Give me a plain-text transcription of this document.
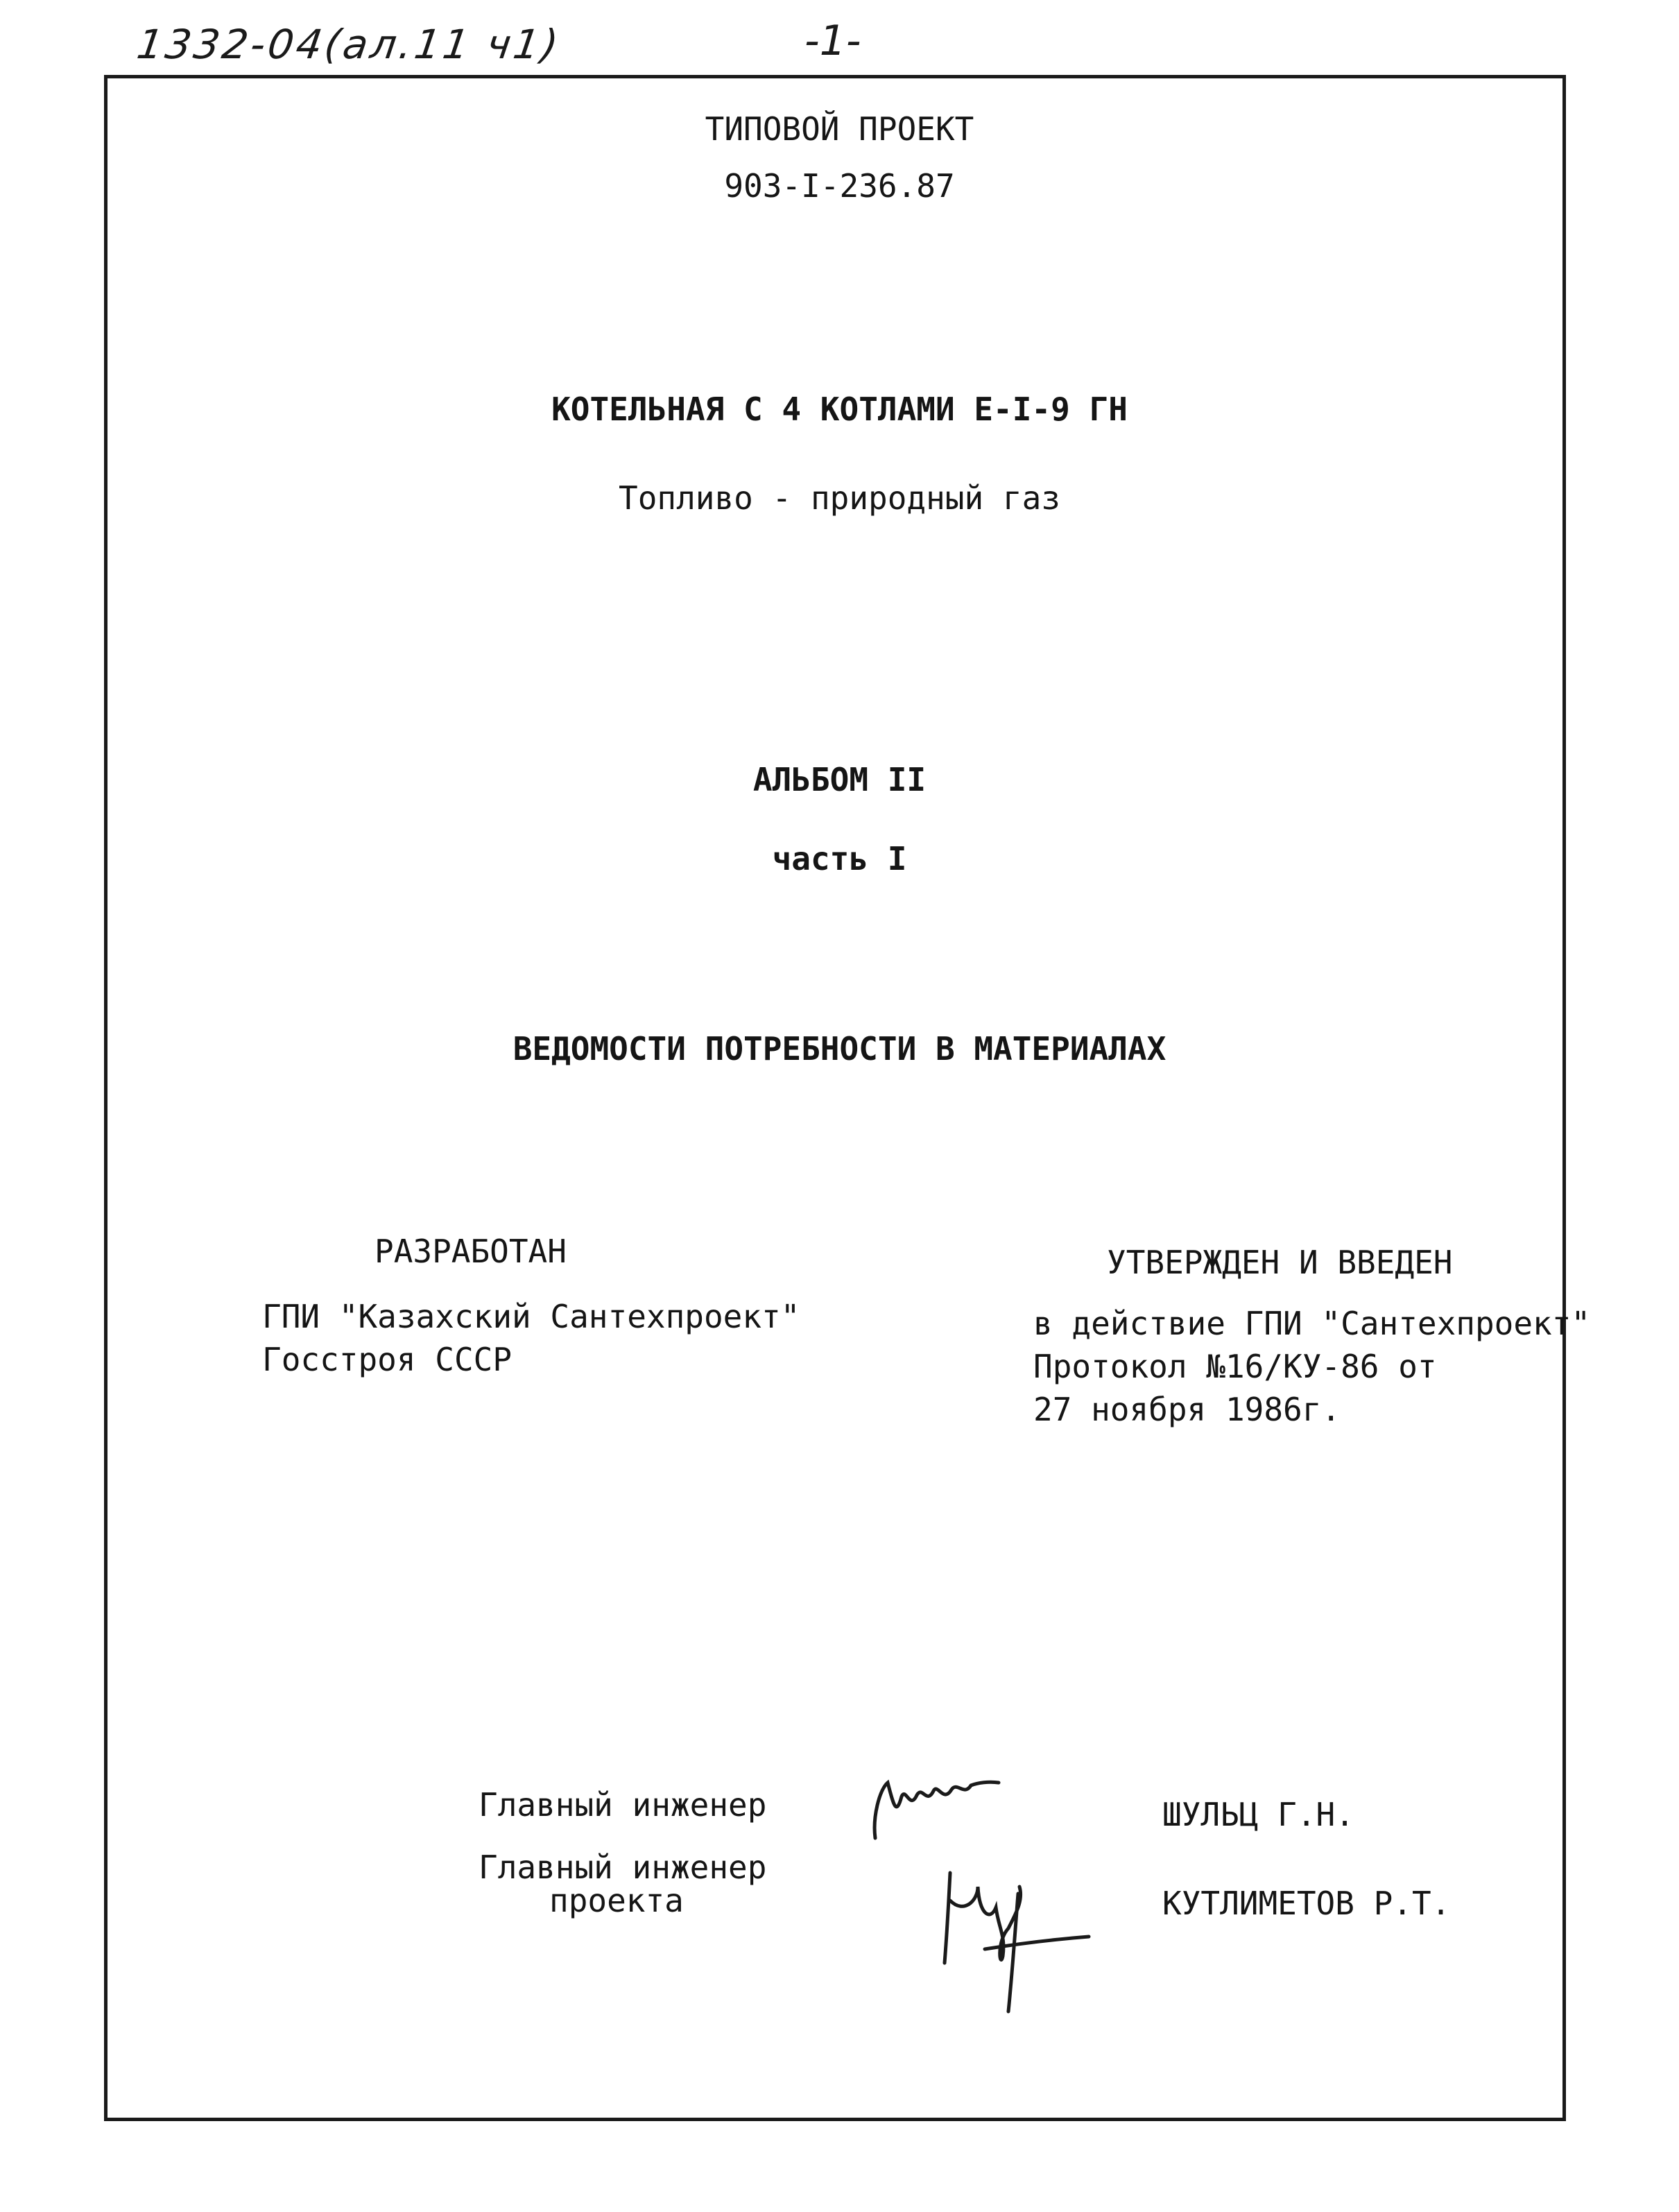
1332-04(ал.11 ч1)	-1-
ТИПОВОЙ ПРОЕКТ
903-I-236.87
КОТЕЛЬНАЯ С 4 КОТЛАМИ Е-I-9 ГН
Топливо - природный газ
АЛЬБОМ II
часть I
ВЕДОМОСТИ ПОТРЕБНОСТИ В МАТЕРИАЛАХ
РАЗРАБОТАН
ГПИ "Казахский Сантехпроект"
Госстроя СССР
УТВЕРЖДЕН И ВВЕДЕН
в действие ГПИ "Сантехпроект"
Протокол №16/КУ-86 от
27 ноября 1986г.
Главный инженер
Главный инженер
проекта
ШУЛЬЦ Г.Н.
КУТЛИМЕТОВ Р.Т.
